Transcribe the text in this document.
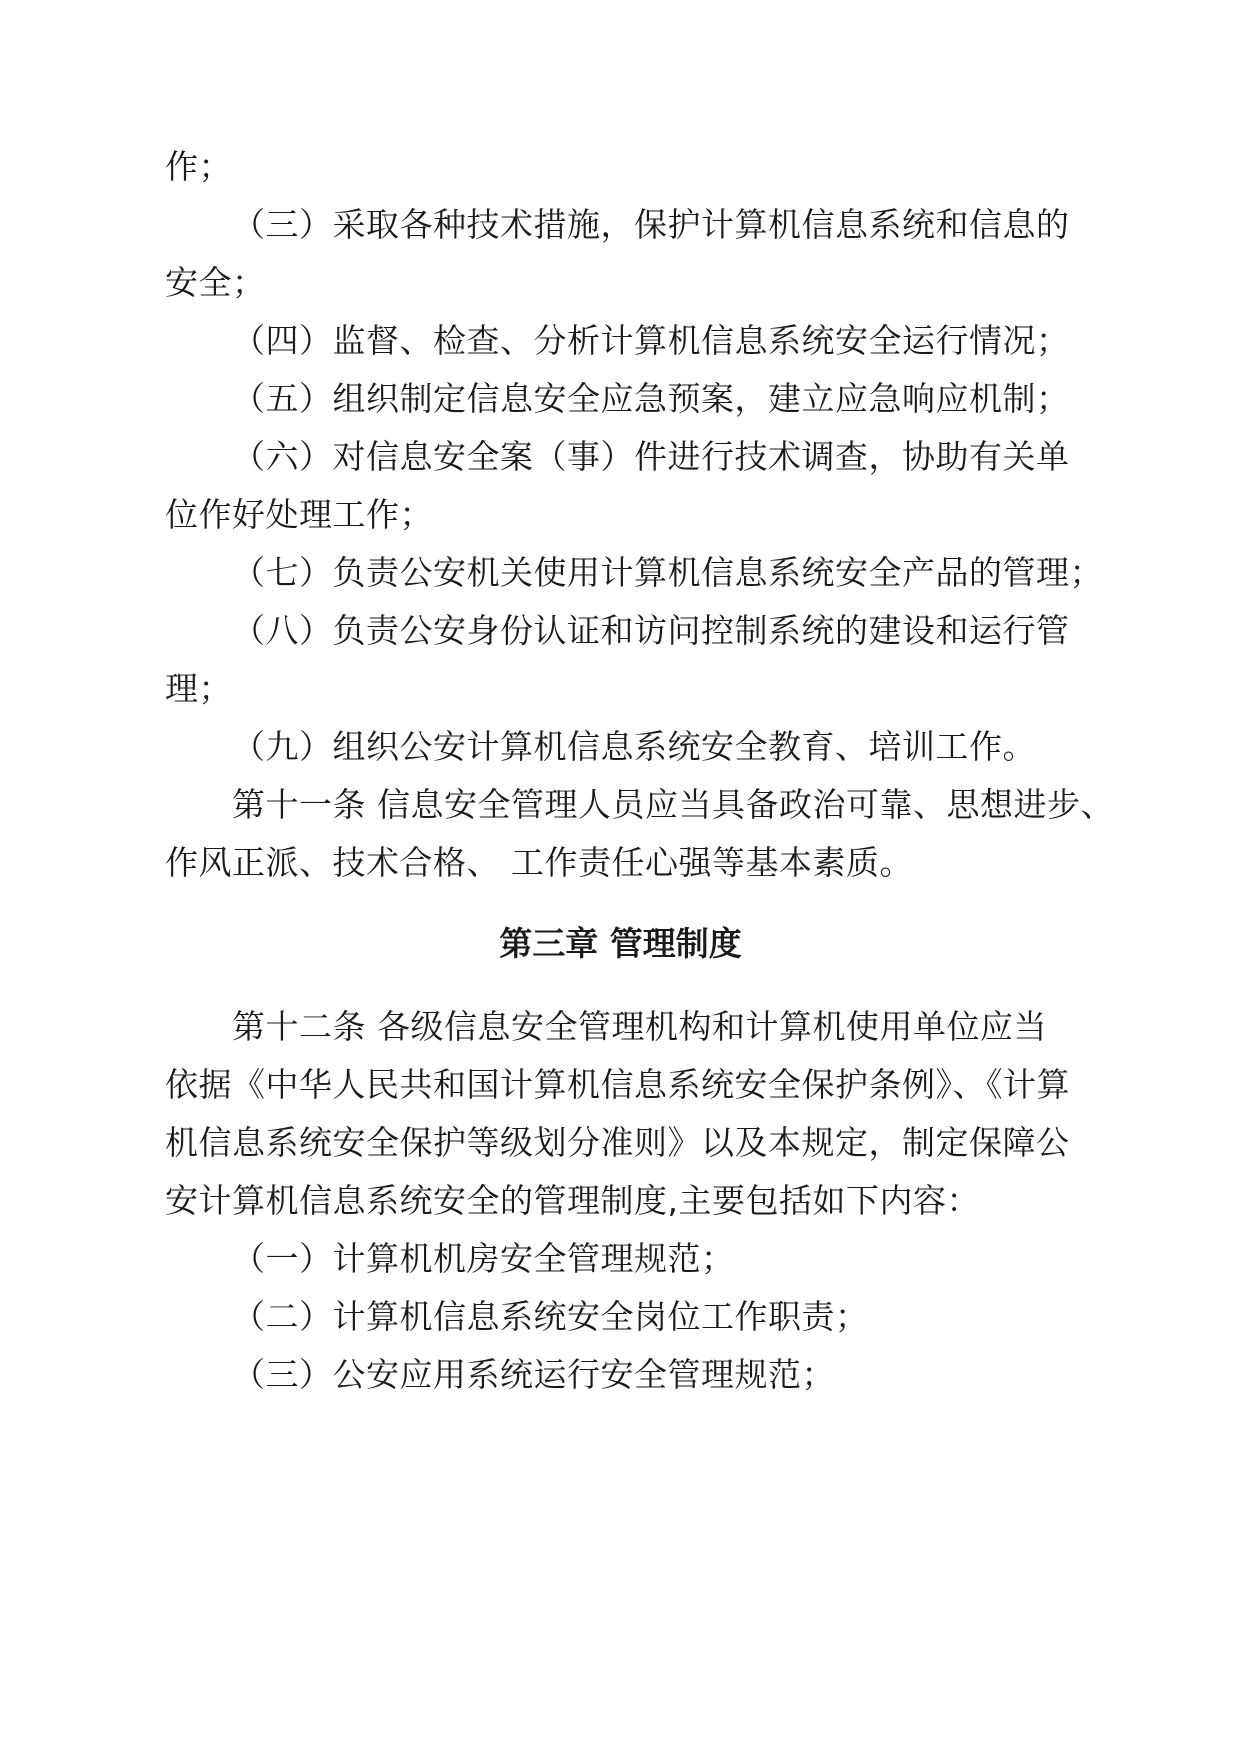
作；
（三）采取各种技术措施，保护计算机信息系统和信息的
安全；
（四）监督、检查、分析计算机信息系统安全运行情况；
（五）组织制定信息安全应急预案，建立应急响应机制；
（六）对信息安全案（事）件进行技术调查，协助有关单
位作好处理工作；
（七）负责公安机关使用计算机信息系统安全产品的管理；
（八）负责公安身份认证和访问控制系统的建设和运行管
理；
（九）组织公安计算机信息系统安全教育、培训工作。
第十一条 信息安全管理人员应当具备政治可靠、思想进步、
作风正派、技术合格、 工作责任心强等基本素质。
第三章 管理制度
第十二条 各级信息安全管理机构和计算机使用单位应当
依据《中华人民共和国计算机信息系统安全保护条例》、《计算
机信息系统安全保护等级划分准则》以及本规定，制定保障公
安计算机信息系统安全的管理制度,主要包括如下内容：
（一）计算机机房安全管理规范；
（二）计算机信息系统安全岗位工作职责；
（三）公安应用系统运行安全管理规范；
